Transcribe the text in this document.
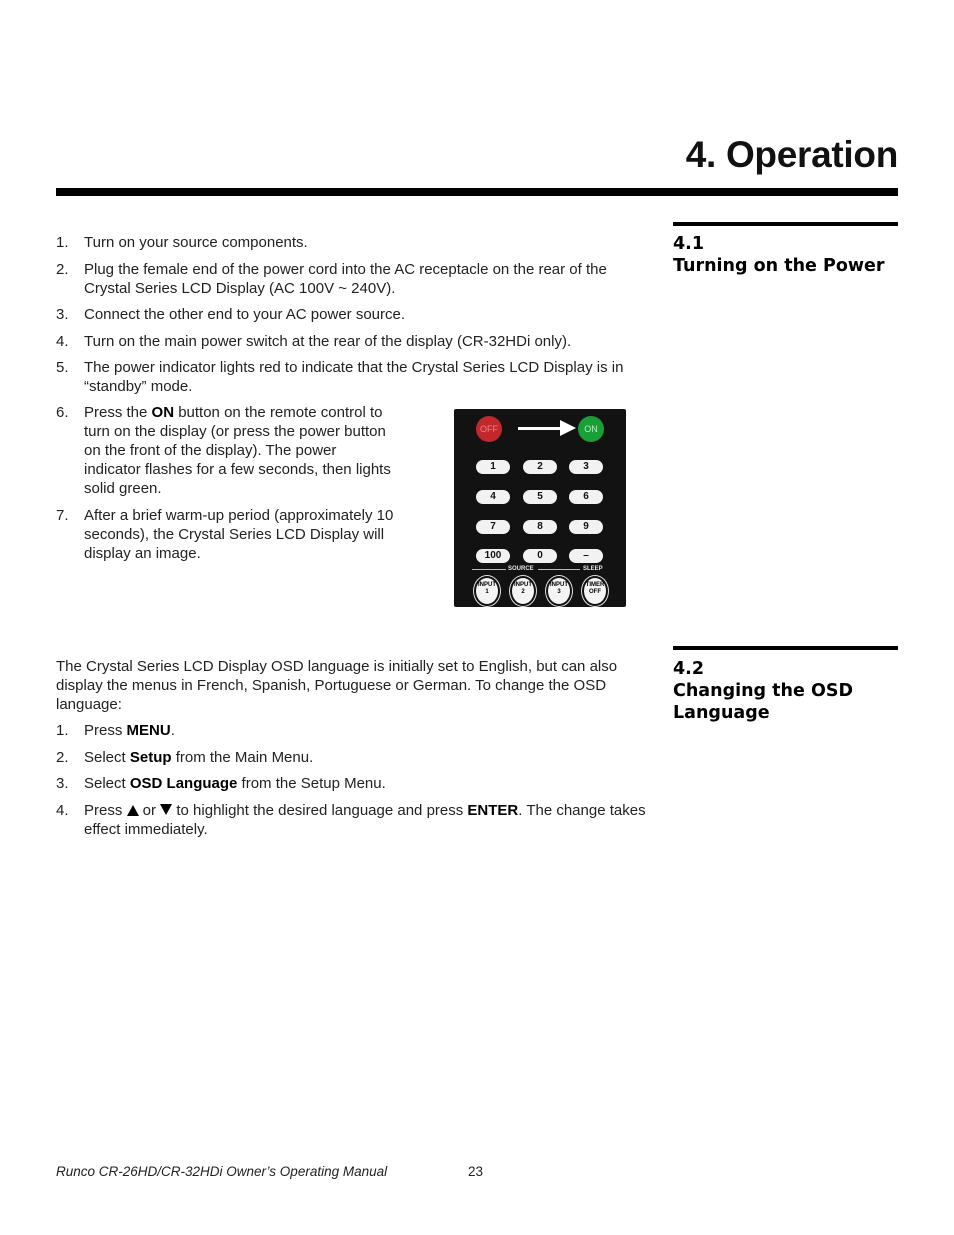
4. Operation
4.1
Turning on the Power
1. Turn on your source components.
2. Plug the female end of the power cord into the AC receptacle on the rear of the Crystal Series LCD Display (AC 100V ~ 240V).
3. Connect the other end to your AC power source.
4. Turn on the main power switch at the rear of the display (CR-32HDi only).
5. The power indicator lights red to indicate that the Crystal Series LCD Display is in “standby” mode.
6. Press the ON button on the remote control to turn on the display (or press the power button on the front of the display). The power indicator flashes for a few seconds, then lights solid green.
7. After a brief warm-up period (approximately 10 seconds), the Crystal Series LCD Display will display an image.
OFF	ON
1	2	3
4	5	6
7	8	9
100	0	–
SOURCE	SLEEP
INPUT
1
INPUT
2
INPUT
3
TIMER
OFF
4.2
Changing the OSD Language

The Crystal Series LCD Display OSD language is initially set to English, but can also display the menus in French, Spanish, Portuguese or German. To change the OSD language:

1. Press MENU.
2. Select Setup from the Main Menu.
3. Select OSD Language from the Setup Menu.
4. Press  or  to highlight the desired language and press ENTER. The change takes effect immediately.
Runco CR-26HD/CR-32HDi Owner’s Operating Manual	23
